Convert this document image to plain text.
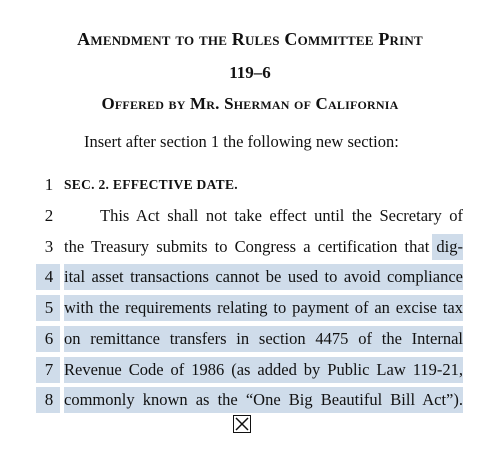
Amendment to the Rules Committee Print
119–6
Offered by Mr. Sherman of California
Insert after section 1 the following new section:
1 SEC. 2. EFFECTIVE DATE.
2	This Act shall not take effect until the Secretary of
3 the Treasury submits to Congress a certification that dig-
4 ital asset transactions cannot be used to avoid compliance
5 with the requirements relating to payment of an excise tax
6 on remittance transfers in section 4475 of the Internal
7 Revenue Code of 1986 (as added by Public Law 119-21,
8 commonly known as the “One Big Beautiful Bill Act”).
